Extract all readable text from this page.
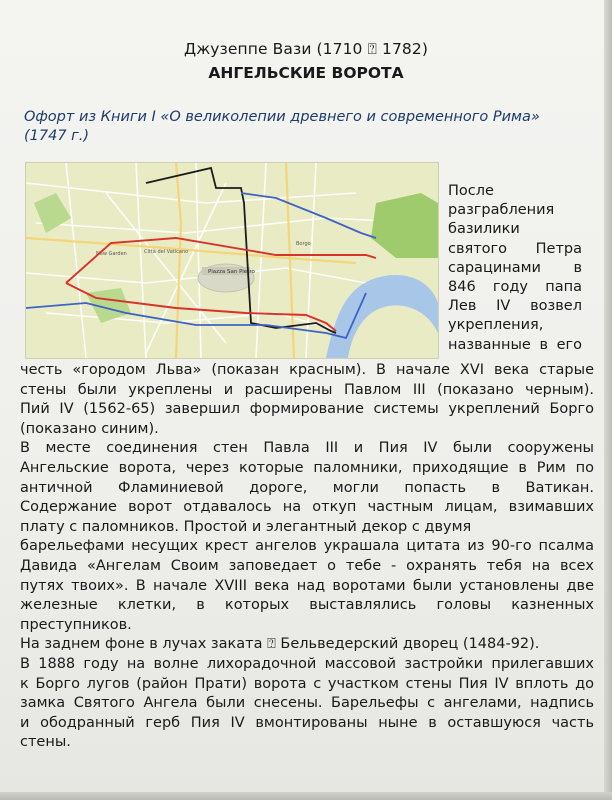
Джузеппе Вази (1710 ⍰ 1782)
АНГЕЛЬСКИЕ ВОРОТА
Офорт из Книги I «О великолепии древнего и современного Рима»
(1747 г.)
Piazza San Pietro
Città del Vaticano
Borgo
New Garden
После
разграбления
базилики
святого Петра
сарацинами в
846 году папа
Лев IV возвел
укрепления,
названные в его
честь «городом Льва» (показан красным). В начале XVI века старые
стены были укреплены и расширены Павлом III (показано черным).
Пий IV (1562-65) завершил формирование системы укреплений Борго
(показано синим).
В месте соединения стен Павла III и Пия IV были сооружены
Ангельские ворота, через которые паломники, приходящие в Рим по
античной Фламиниевой дороге, могли попасть в Ватикан.
Содержание ворот отдавалось на откуп частным лицам, взимавших
плату с паломников. Простой и элегантный декор с двумя
барельефами несущих крест ангелов украшала цитата из 90-го псалма
Давида «Ангелам Своим заповедает о тебе - охранять тебя на всех
путях твоих». В начале XVIII века над воротами были установлены две
железные клетки, в которых выставлялись головы казненных
преступников.
На заднем фоне в лучах заката ⍰ Бельведерский дворец (1484-92).
В 1888 году на волне лихорадочной массовой застройки прилегавших
к Борго лугов (район Прати) ворота с участком стены Пия IV вплоть до
замка Святого Ангела были снесены. Барельефы с ангелами, надпись
и ободранный герб Пия IV вмонтированы ныне в оставшуюся часть
стены.
